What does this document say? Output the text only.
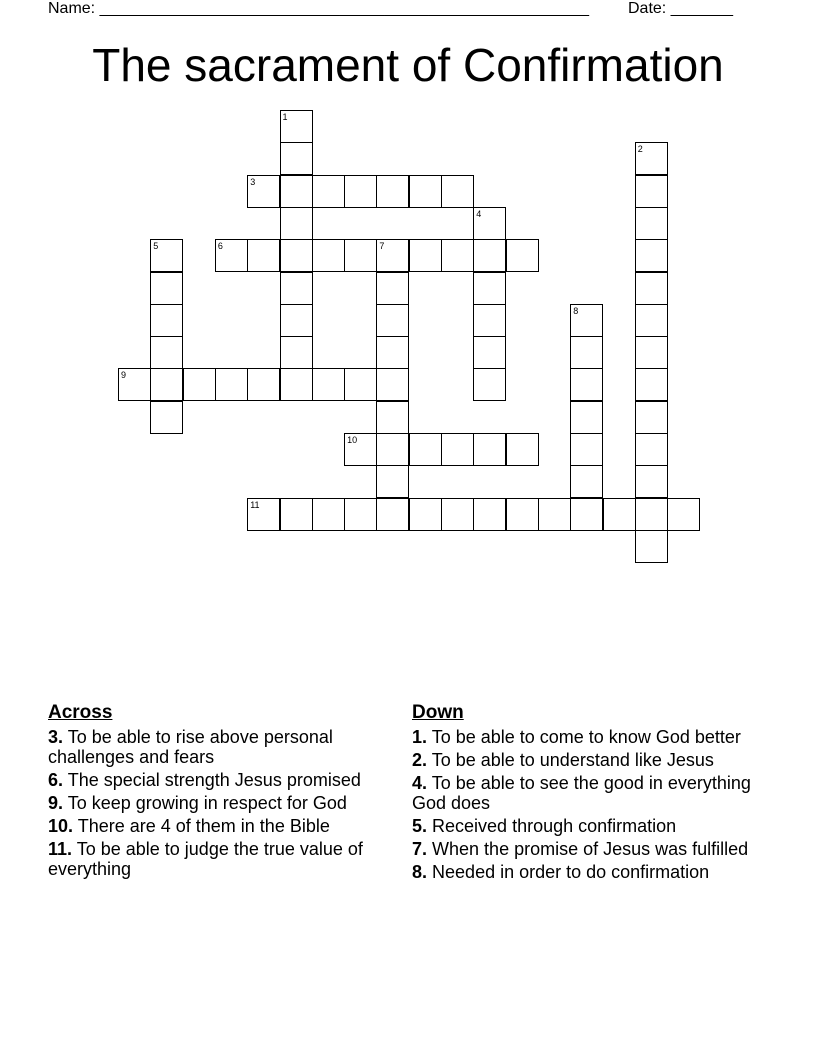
Name: _______________________________________________________ Date: _______
The sacrament of Confirmation
1
2
3
4
5	6	7
8
9
10
11
Across
3. To be able to rise above personal challenges and fears
6. The special strength Jesus promised
9. To keep growing in respect for God
10. There are 4 of them in the Bible
11. To be able to judge the true value of everything
Down
1. To be able to come to know God better
2. To be able to understand like Jesus
4. To be able to see the good in everything God does
5. Received through confirmation
7. When the promise of Jesus was fulfilled
8. Needed in order to do confirmation
